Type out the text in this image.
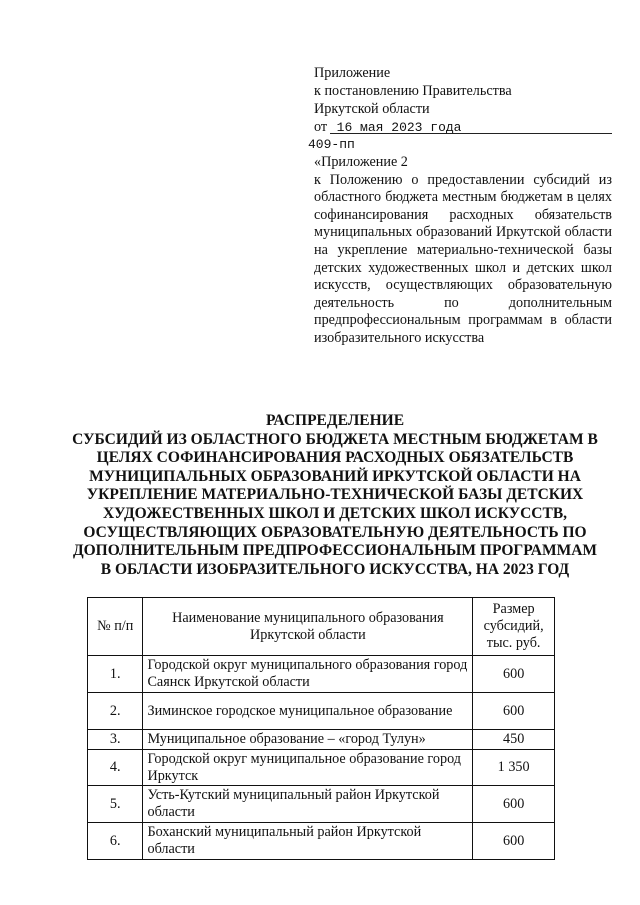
Приложение
к постановлению Правительства
Иркутской области
от 16 мая 2023 года
409-пп
«Приложение 2
к Положению о предоставлении субсидий из областного бюджета местным бюджетам в целях софинансирования расходных обязательств муниципальных образований Иркутской области на укрепление материально-технической базы детских художественных школ и детских школ искусств, осуществляющих образовательную деятельность по дополнительным предпрофессиональным программам в области изобразительного искусства
РАСПРЕДЕЛЕНИЕ
СУБСИДИЙ ИЗ ОБЛАСТНОГО БЮДЖЕТА МЕСТНЫМ БЮДЖЕТАМ В ЦЕЛЯХ СОФИНАНСИРОВАНИЯ РАСХОДНЫХ ОБЯЗАТЕЛЬСТВ МУНИЦИПАЛЬНЫХ ОБРАЗОВАНИЙ ИРКУТСКОЙ ОБЛАСТИ НА УКРЕПЛЕНИЕ МАТЕРИАЛЬНО-ТЕХНИЧЕСКОЙ БАЗЫ ДЕТСКИХ ХУДОЖЕСТВЕННЫХ ШКОЛ И ДЕТСКИХ ШКОЛ ИСКУССТВ, ОСУЩЕСТВЛЯЮЩИХ ОБРАЗОВАТЕЛЬНУЮ ДЕЯТЕЛЬНОСТЬ ПО ДОПОЛНИТЕЛЬНЫМ ПРЕДПРОФЕССИОНАЛЬНЫМ ПРОГРАММАМ В ОБЛАСТИ ИЗОБРАЗИТЕЛЬНОГО ИСКУССТВА, НА 2023 ГОД
№ п/п	Наименование муниципального образования Иркутской области	Размер субсидий, тыс. руб.
1.	Городской округ муниципального образования город Саянск Иркутской области	600
2.	Зиминское городское муниципальное образование	600
3.	Муниципальное образование – «город Тулун»	450
4.	Городской округ муниципальное образование город Иркутск	1 350
5.	Усть-Кутский муниципальный район Иркутской области	600
6.	Боханский муниципальный район Иркутской области	600
